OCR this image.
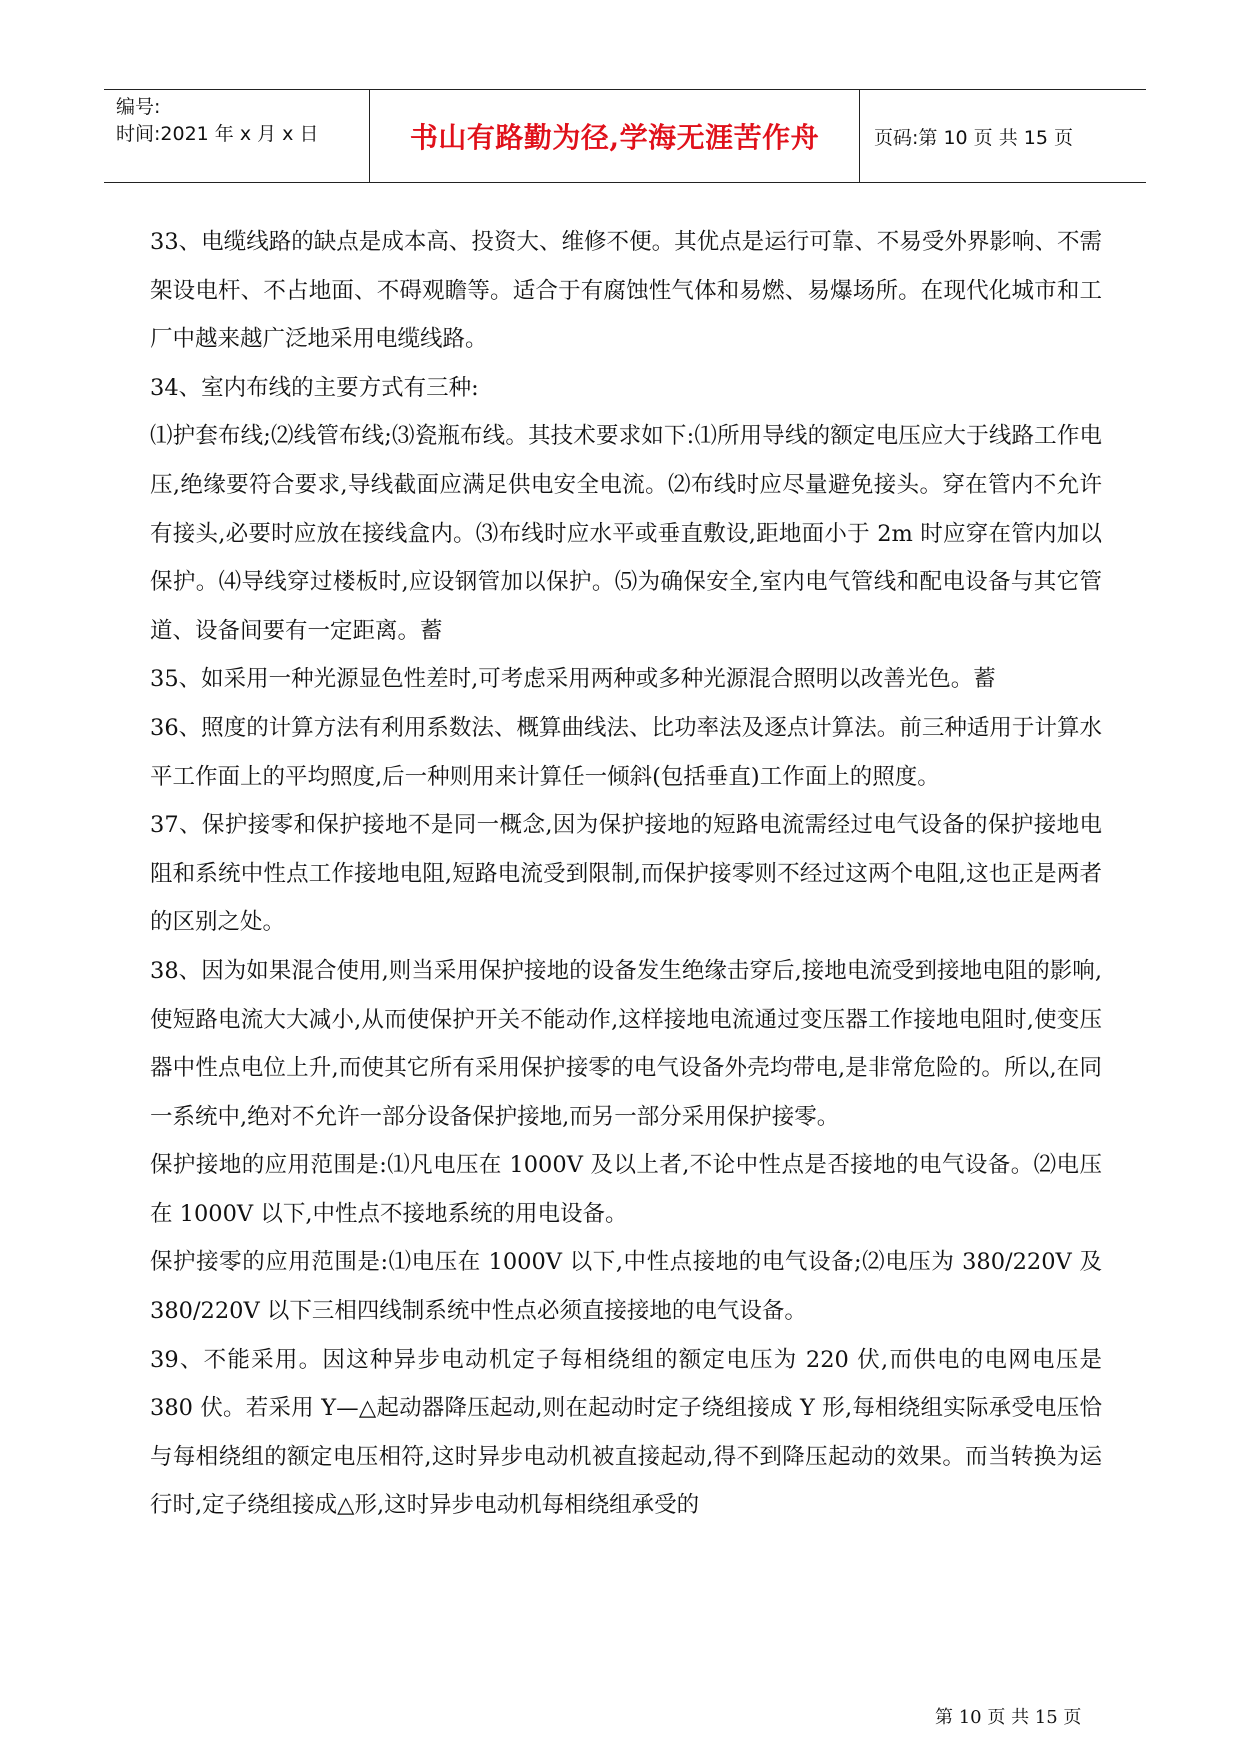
编号:
时间:2021 年 x 月 x 日	书山有路勤为径,学海无涯苦作舟	页码:第 10 页 共 15 页

33、电缆线路的缺点是成本高、投资大、维修不便。其优点是运行可靠、不易受外界影响、不需架设电杆、不占地面、不碍观瞻等。适合于有腐蚀性气体和易燃、易爆场所。在现代化城市和工厂中越来越广泛地采用电缆线路。

34、室内布线的主要方式有三种:

⑴护套布线;⑵线管布线;⑶瓷瓶布线。其技术要求如下:⑴所用导线的额定电压应大于线路工作电压,绝缘要符合要求,导线截面应满足供电安全电流。⑵布线时应尽量避免接头。穿在管内不允许有接头,必要时应放在接线盒内。⑶布线时应水平或垂直敷设,距地面小于 2m 时应穿在管内加以保护。⑷导线穿过楼板时,应设钢管加以保护。⑸为确保安全,室内电气管线和配电设备与其它管道、设备间要有一定距离。蓄

35、如采用一种光源显色性差时,可考虑采用两种或多种光源混合照明以改善光色。蓄

36、照度的计算方法有利用系数法、概算曲线法、比功率法及逐点计算法。前三种适用于计算水平工作面上的平均照度,后一种则用来计算任一倾斜(包括垂直)工作面上的照度。

37、保护接零和保护接地不是同一概念,因为保护接地的短路电流需经过电气设备的保护接地电阻和系统中性点工作接地电阻,短路电流受到限制,而保护接零则不经过这两个电阻,这也正是两者的区别之处。

38、因为如果混合使用,则当采用保护接地的设备发生绝缘击穿后,接地电流受到接地电阻的影响,使短路电流大大减小,从而使保护开关不能动作,这样接地电流通过变压器工作接地电阻时,使变压器中性点电位上升,而使其它所有采用保护接零的电气设备外壳均带电,是非常危险的。所以,在同一系统中,绝对不允许一部分设备保护接地,而另一部分采用保护接零。

保护接地的应用范围是:⑴凡电压在 1000V 及以上者,不论中性点是否接地的电气设备。⑵电压在 1000V 以下,中性点不接地系统的用电设备。

保护接零的应用范围是:⑴电压在 1000V 以下,中性点接地的电气设备;⑵电压为 380/220V 及 380/220V 以下三相四线制系统中性点必须直接接地的电气设备。

39、不能采用。因这种异步电动机定子每相绕组的额定电压为 220 伏,而供电的电网电压是 380 伏。若采用 Y—△起动器降压起动,则在起动时定子绕组接成 Y 形,每相绕组实际承受电压恰与每相绕组的额定电压相符,这时异步电动机被直接起动,得不到降压起动的效果。而当转换为运行时,定子绕组接成△形,这时异步电动机每相绕组承受的

第 10 页 共 15 页
